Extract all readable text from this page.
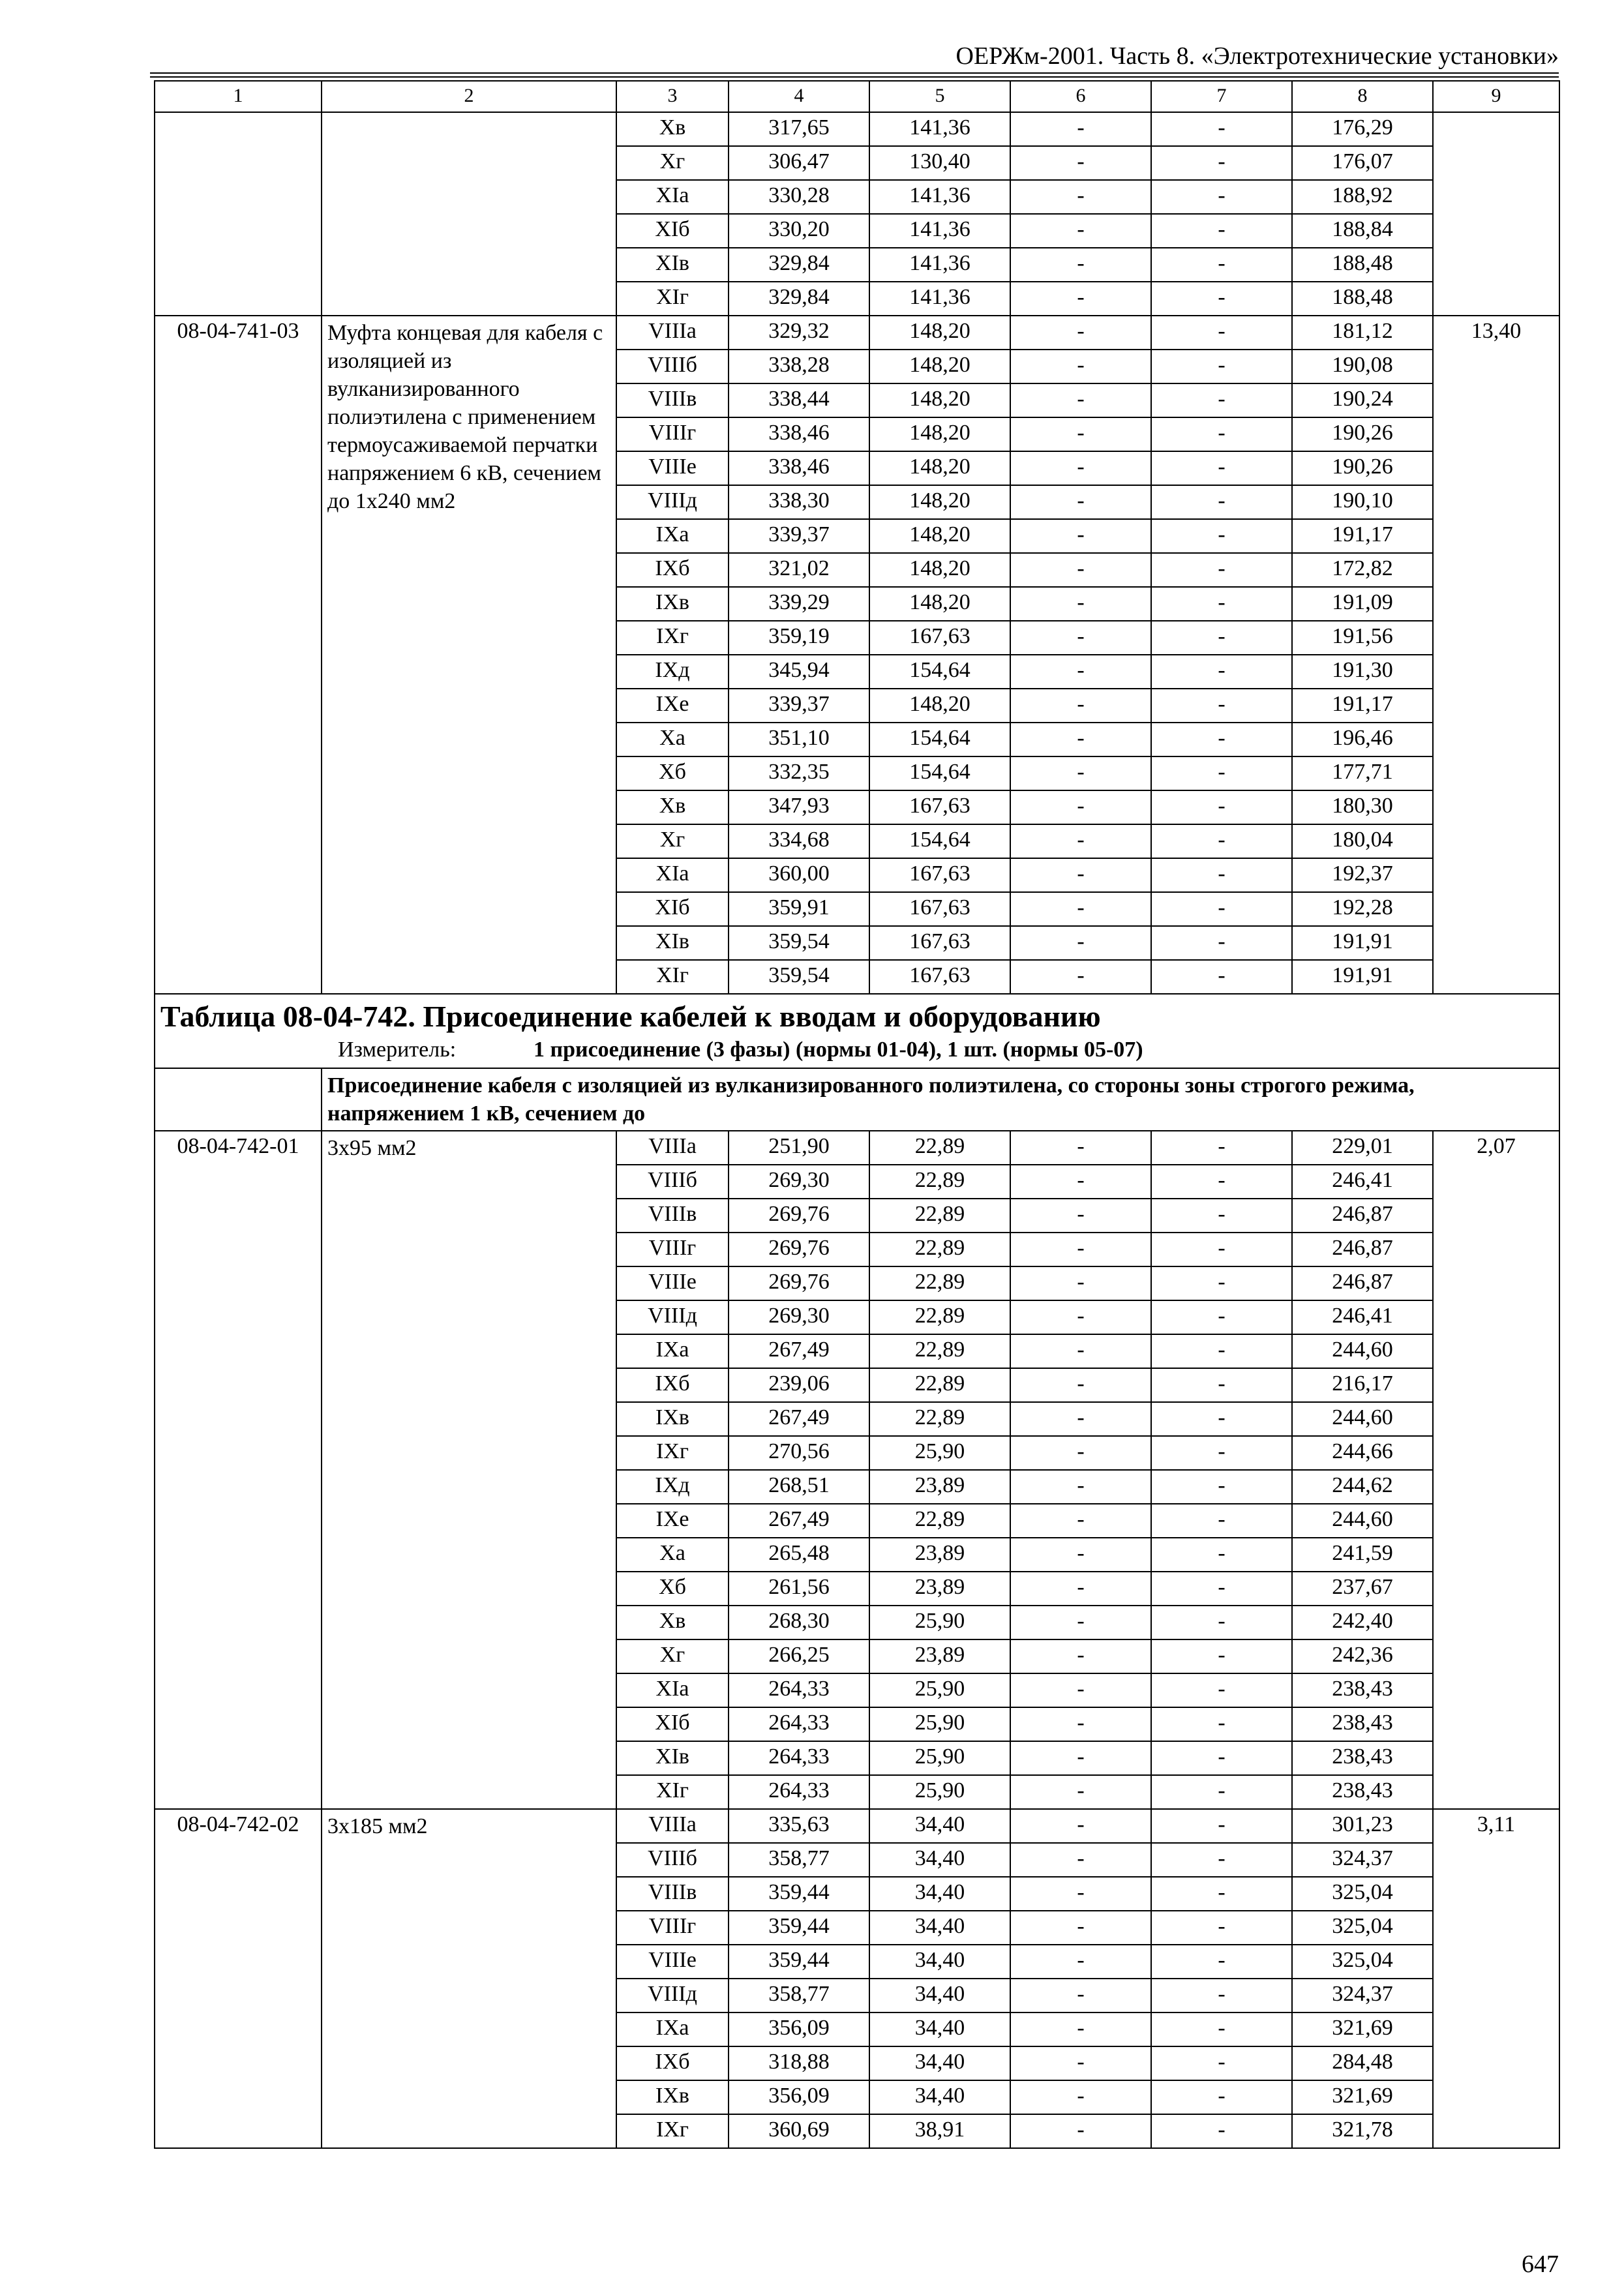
ОЕРЖм-2001. Часть 8. «Электротехнические установки»
1	2	3	4	5	6	7	8	9
		Xв	317,65	141,36	-	-	176,29	
		Xг	306,47	130,40	-	-	176,07	
		XIа	330,28	141,36	-	-	188,92	
		XIб	330,20	141,36	-	-	188,84	
		XIв	329,84	141,36	-	-	188,48	
		XIг	329,84	141,36	-	-	188,48	
08-04-741-03	Муфта концевая для кабеля с изоляцией из вулканизированного полиэтилена с применением термоусаживаемой перчатки напряжением 6 кВ, сечением до 1х240 мм2	VIIIа	329,32	148,20	-	-	181,12	13,40
		VIIIб	338,28	148,20	-	-	190,08	
		VIIIв	338,44	148,20	-	-	190,24	
		VIIIг	338,46	148,20	-	-	190,26	
		VIIIе	338,46	148,20	-	-	190,26	
		VIIIд	338,30	148,20	-	-	190,10	
		IXа	339,37	148,20	-	-	191,17	
		IXб	321,02	148,20	-	-	172,82	
		IXв	339,29	148,20	-	-	191,09	
		IXг	359,19	167,63	-	-	191,56	
		IXд	345,94	154,64	-	-	191,30	
		IXе	339,37	148,20	-	-	191,17	
		Xа	351,10	154,64	-	-	196,46	
		Xб	332,35	154,64	-	-	177,71	
		Xв	347,93	167,63	-	-	180,30	
		Xг	334,68	154,64	-	-	180,04	
		XIа	360,00	167,63	-	-	192,37	
		XIб	359,91	167,63	-	-	192,28	
		XIв	359,54	167,63	-	-	191,91	
		XIг	359,54	167,63	-	-	191,91	

Таблица 08-04-742. Присоединение кабелей к вводам и оборудованию
Измеритель: 1 присоединение (3 фазы) (нормы 01-04), 1 шт. (нормы 05-07)								

	Присоединение кабеля с изоляцией из вулканизированного полиэтилена, со стороны зоны строгого режима, напряжением 1 кВ, сечением до							
08-04-742-01	3х95 мм2	VIIIа	251,90	22,89	-	-	229,01	2,07
		VIIIб	269,30	22,89	-	-	246,41	
		VIIIв	269,76	22,89	-	-	246,87	
		VIIIг	269,76	22,89	-	-	246,87	
		VIIIе	269,76	22,89	-	-	246,87	
		VIIIд	269,30	22,89	-	-	246,41	
		IXа	267,49	22,89	-	-	244,60	
		IXб	239,06	22,89	-	-	216,17	
		IXв	267,49	22,89	-	-	244,60	
		IXг	270,56	25,90	-	-	244,66	
		IXд	268,51	23,89	-	-	244,62	
		IXе	267,49	22,89	-	-	244,60	
		Xа	265,48	23,89	-	-	241,59	
		Xб	261,56	23,89	-	-	237,67	
		Xв	268,30	25,90	-	-	242,40	
		Xг	266,25	23,89	-	-	242,36	
		XIа	264,33	25,90	-	-	238,43	
		XIб	264,33	25,90	-	-	238,43	
		XIв	264,33	25,90	-	-	238,43	
		XIг	264,33	25,90	-	-	238,43	
08-04-742-02	3х185 мм2	VIIIа	335,63	34,40	-	-	301,23	3,11
		VIIIб	358,77	34,40	-	-	324,37	
		VIIIв	359,44	34,40	-	-	325,04	
		VIIIг	359,44	34,40	-	-	325,04	
		VIIIе	359,44	34,40	-	-	325,04	
		VIIIд	358,77	34,40	-	-	324,37	
		IXа	356,09	34,40	-	-	321,69	
		IXб	318,88	34,40	-	-	284,48	
		IXв	356,09	34,40	-	-	321,69	
		IXг	360,69	38,91	-	-	321,78	
647
